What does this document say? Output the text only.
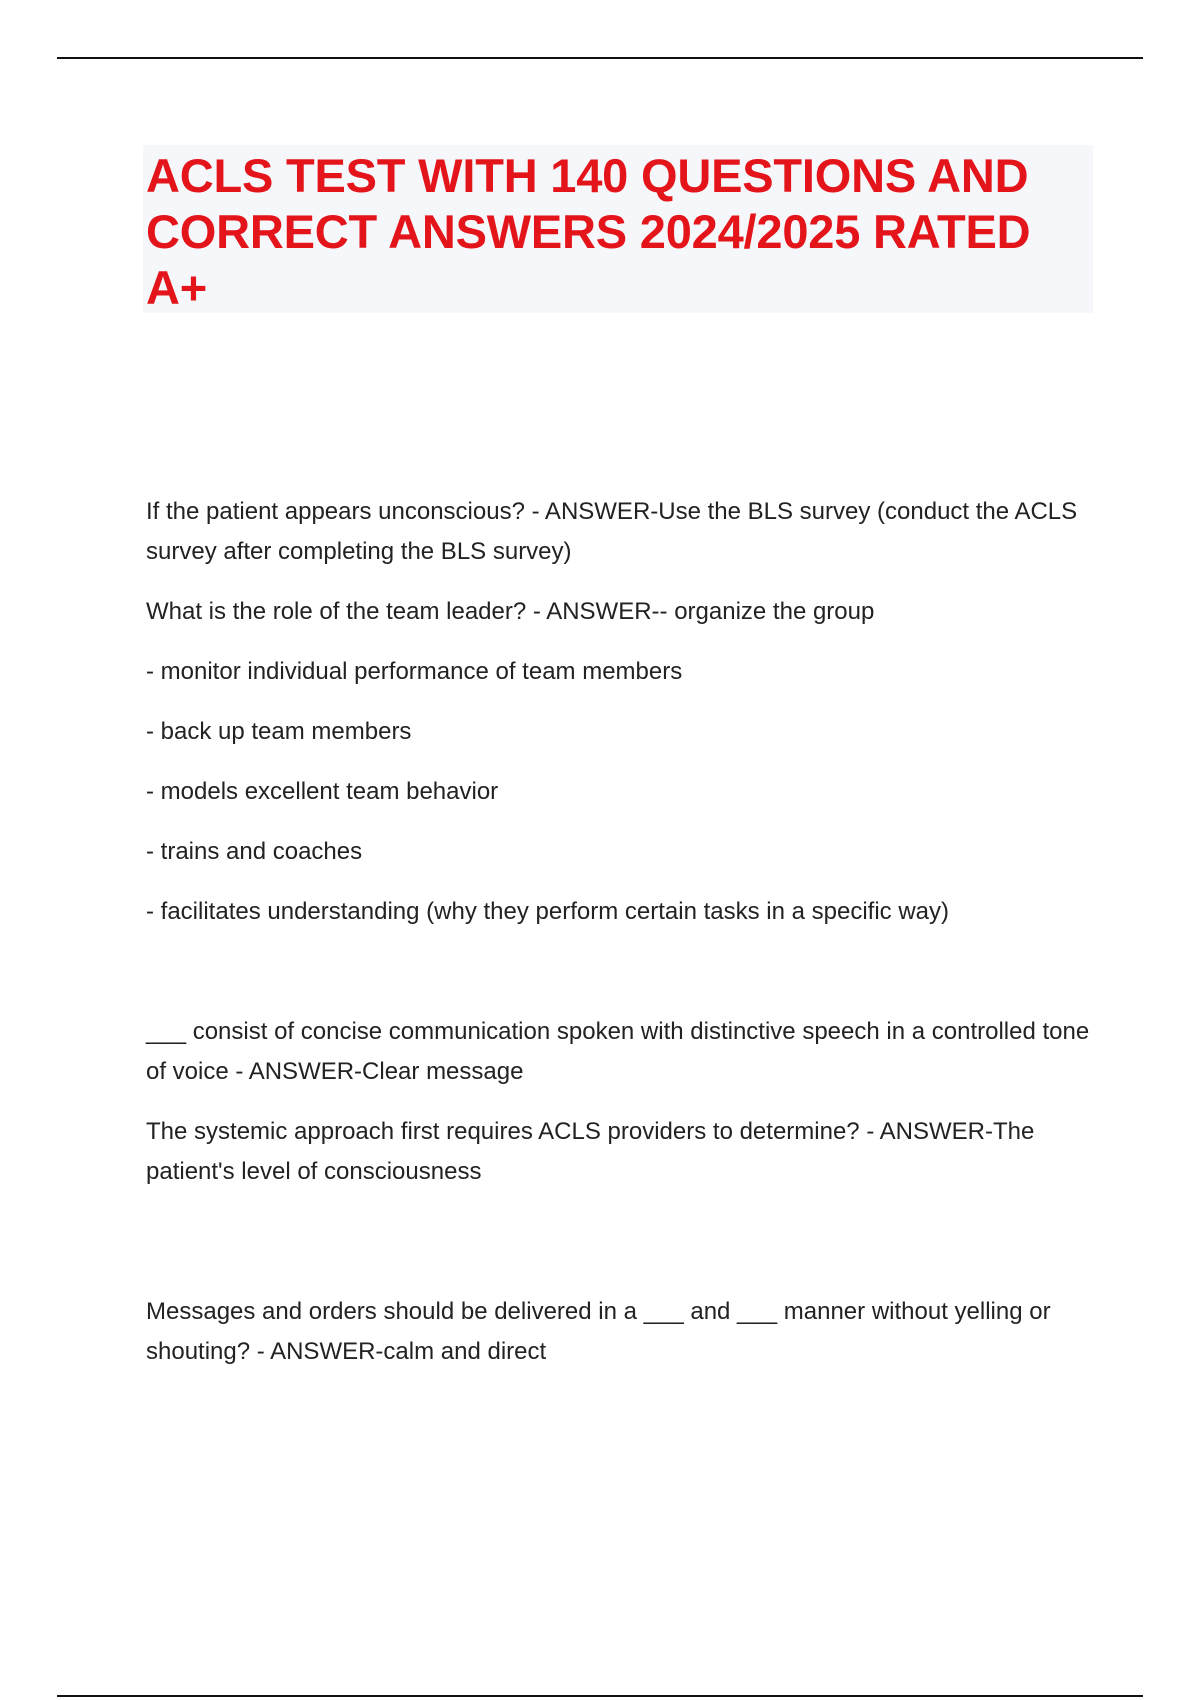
ACLS TEST WITH 140 QUESTIONS AND CORRECT ANSWERS 2024/2025 RATED A+

If the patient appears unconscious? - ANSWER-Use the BLS survey (conduct the ACLS survey after completing the BLS survey)

What is the role of the team leader? - ANSWER-- organize the group

- monitor individual performance of team members

- back up team members

- models excellent team behavior

- trains and coaches

- facilitates understanding (why they perform certain tasks in a specific way)

___ consist of concise communication spoken with distinctive speech in a controlled tone of voice - ANSWER-Clear message

The systemic approach first requires ACLS providers to determine? - ANSWER-The patient's level of consciousness

Messages and orders should be delivered in a ___ and ___ manner without yelling or shouting? - ANSWER-calm and direct
